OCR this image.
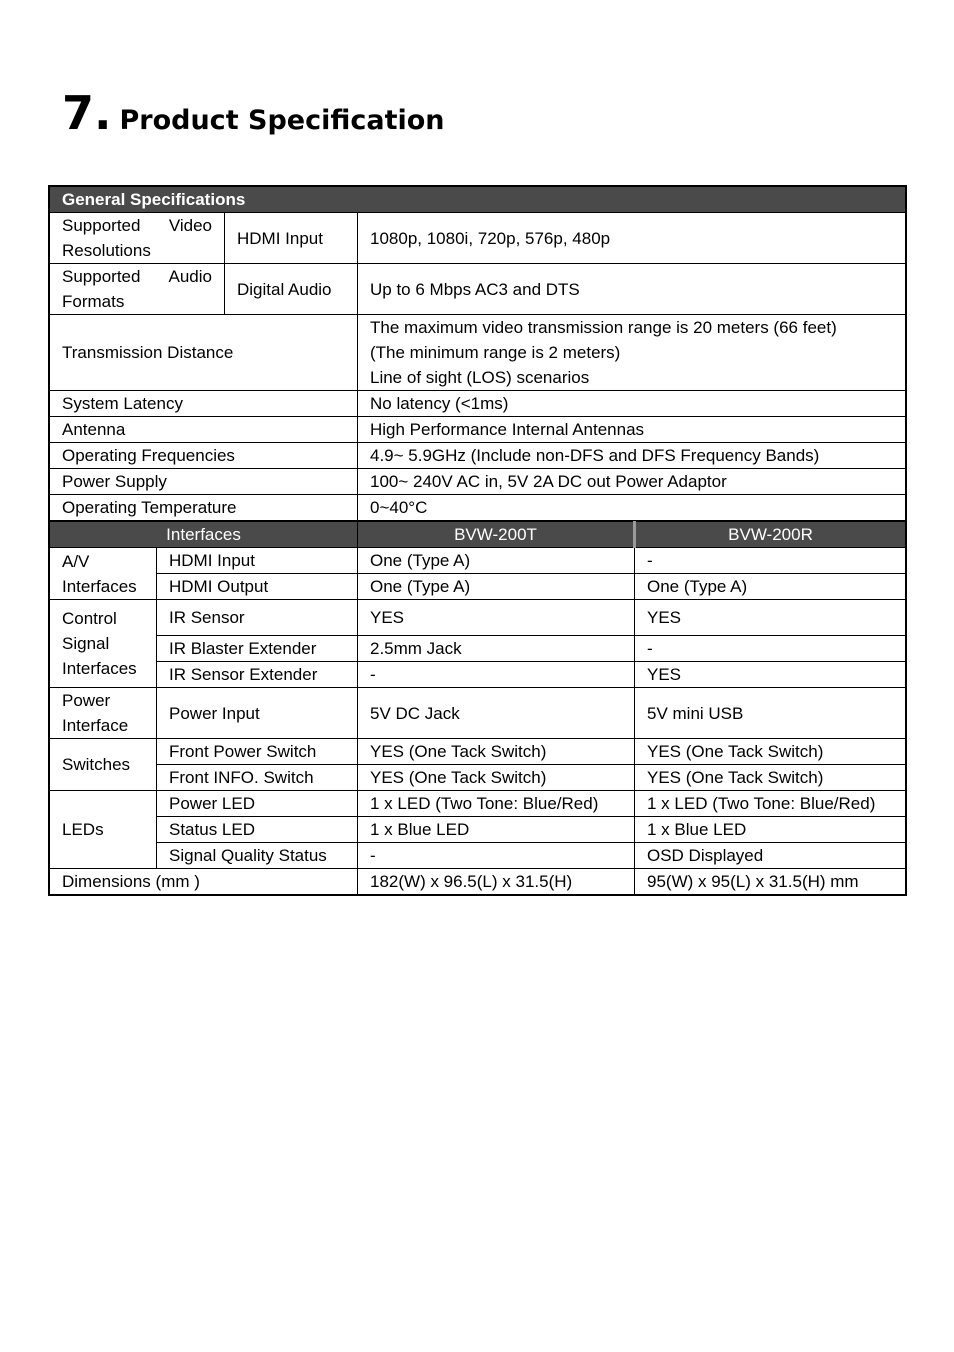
7. Product Specification
General Specifications		

Supported Video
Resolutions	HDMI Input	1080p, 1080i, 720p, 576p, 480p

Supported Audio
Formats	Digital Audio	Up to 6 Mbps AC3 and DTS
Transmission Distance		The maximum video transmission range is 20 meters (66 feet)
(The minimum range is 2 meters)
Line of sight (LOS) scenarios

System Latency		No latency (<1ms)
Antenna		High Performance Internal Antennas
Operating Frequencies		4.9~ 5.9GHz (Include non-DFS and DFS Frequency Bands)
Power Supply		100~ 240V AC in, 5V 2A DC out Power Adaptor
Operating Temperature		0~40°C
Interfaces		BVW-200T	BVW-200R

A/V
Interfaces	HDMI Input	One (Type A)	-
	HDMI Output	One (Type A)	One (Type A)

Control
Signal
Interfaces	IR Sensor	YES	YES
	IR Blaster Extender	2.5mm Jack	-
	IR Sensor Extender	-	YES

Power
Interface	Power Input	5V DC Jack	5V mini USB
Switches	Front Power Switch	YES (One Tack Switch)	YES (One Tack Switch)
	Front INFO. Switch	YES (One Tack Switch)	YES (One Tack Switch)
LEDs	Power LED	1 x LED (Two Tone: Blue/Red)	1 x LED (Two Tone: Blue/Red)
	Status LED	1 x Blue LED	1 x Blue LED
	Signal Quality Status	-	OSD Displayed
Dimensions (mm )		182(W) x 96.5(L) x 31.5(H)	95(W) x 95(L) x 31.5(H) mm
